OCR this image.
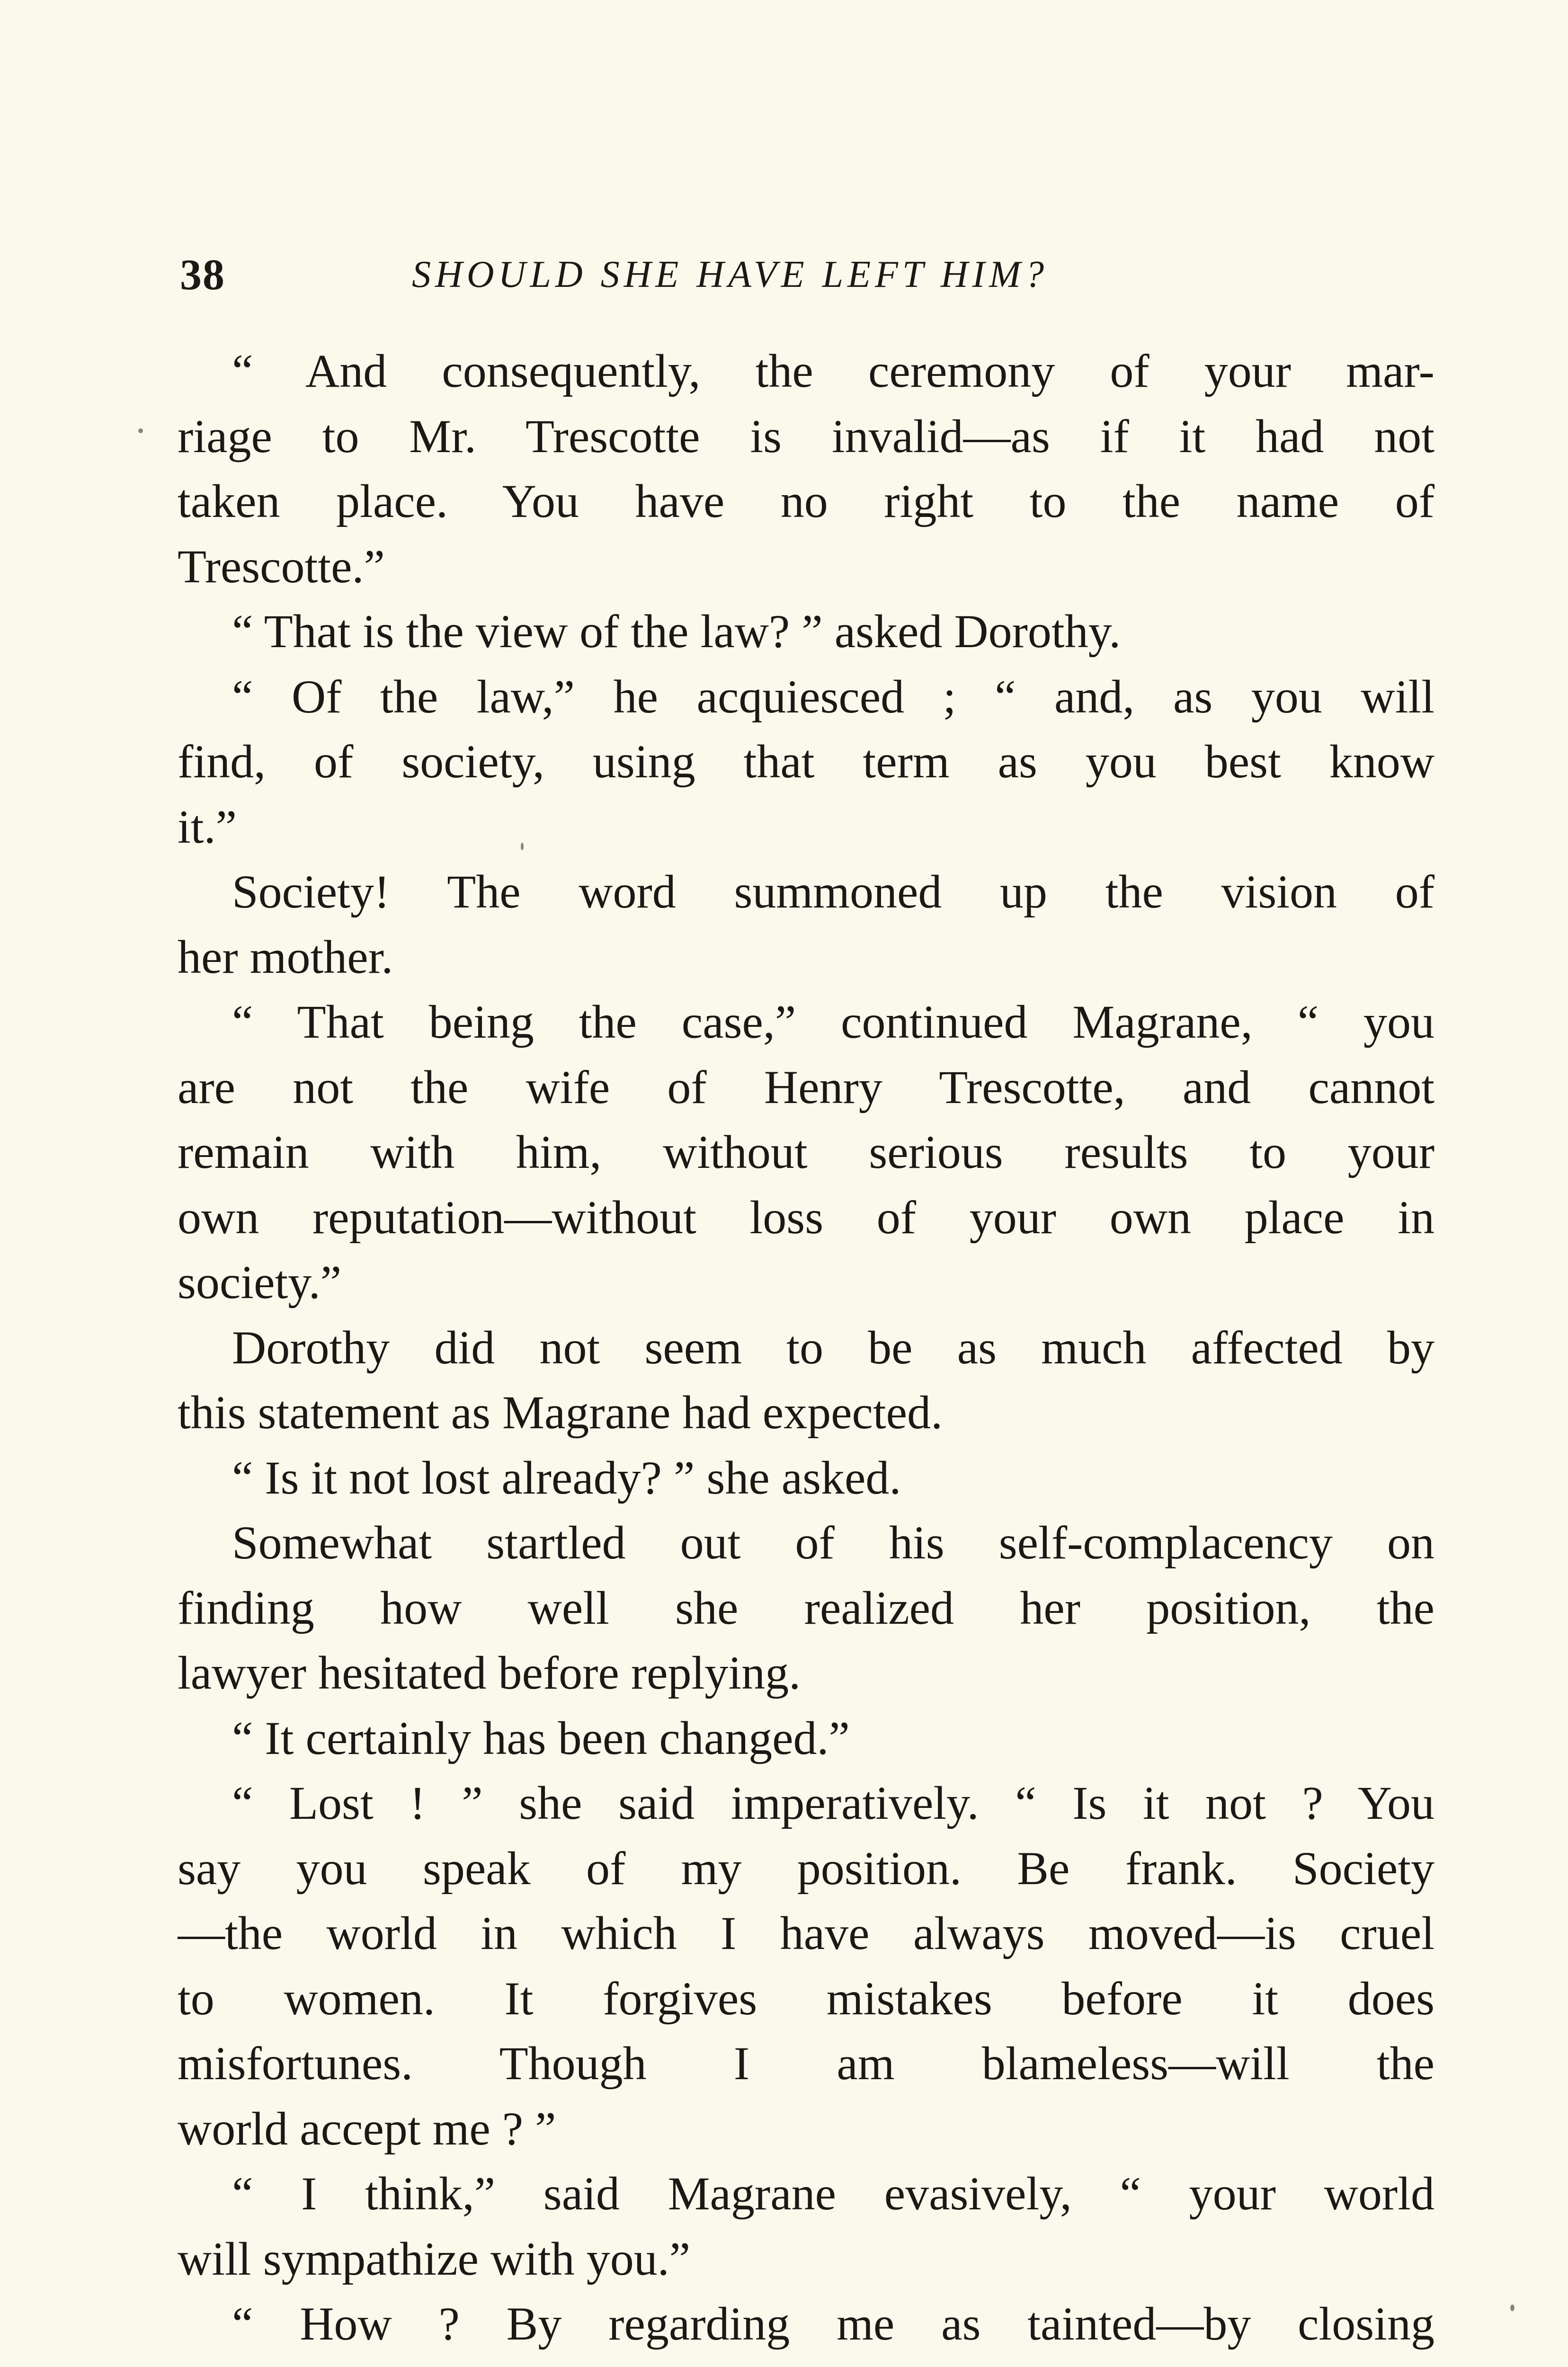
38	SHOULD SHE HAVE LEFT HIM?
“ And consequently, the ceremony of your mar-
riage to Mr. Trescotte is invalid—as if it had not
taken place. You have no right to the name of
Trescotte.”
“ That is the view of the law? ” asked Dorothy.
“ Of the law,” he acquiesced ; “ and, as you will
find, of society, using that term as you best know
it.”
Society! The word summoned up the vision of
her mother.
“ That being the case,” continued Magrane, “ you
are not the wife of Henry Trescotte, and cannot
remain with him, without serious results to your
own reputation—without loss of your own place in
society.”
Dorothy did not seem to be as much affected by
this statement as Magrane had expected.
“ Is it not lost already? ” she asked.
Somewhat startled out of his self-complacency on
finding how well she realized her position, the
lawyer hesitated before replying.
“ It certainly has been changed.”
“ Lost ! ” she said imperatively. “ Is it not ? You
say you speak of my position. Be frank. Society
—the world in which I have always moved—is cruel
to women. It forgives mistakes before it does
misfortunes. Though I am blameless—will the
world accept me ? ”
“ I think,” said Magrane evasively, “ your world
will sympathize with you.”
“ How ? By regarding me as tainted—by closing
